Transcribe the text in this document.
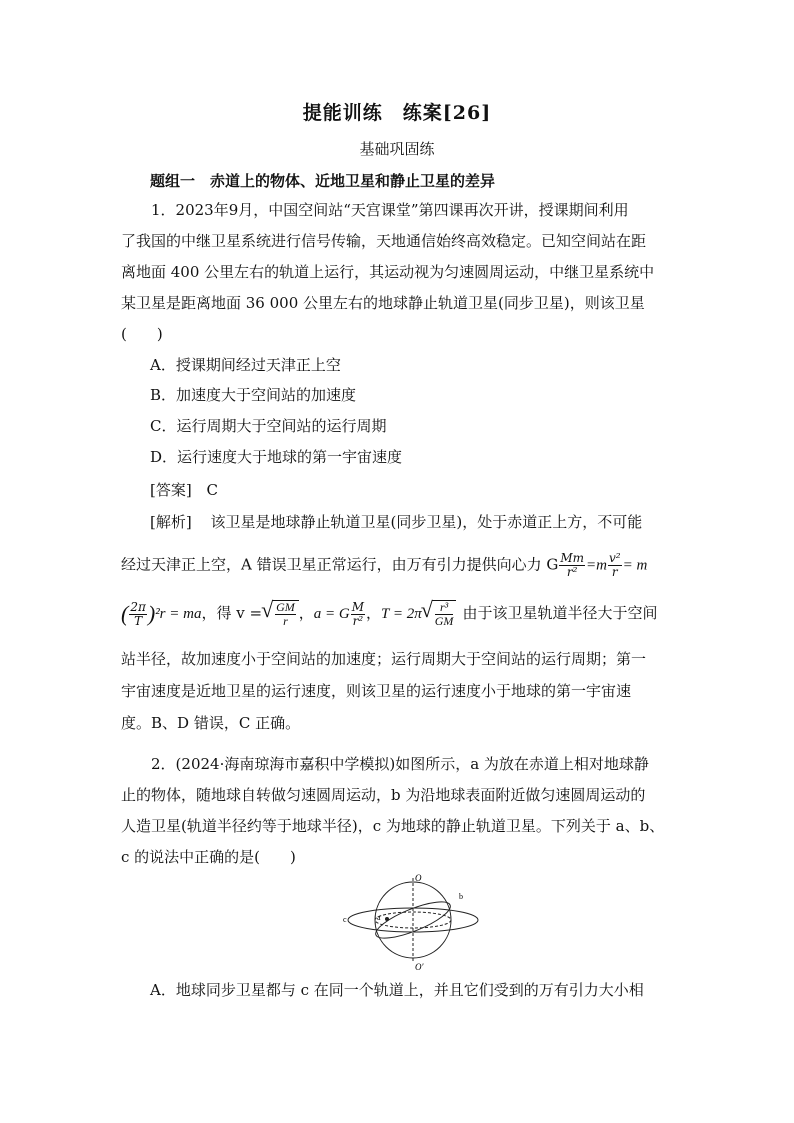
提能训练　练案[26]
基础巩固练
题组一　赤道上的物体、近地卫星和静止卫星的差异
1．2023年9月，中国空间站“天宫课堂”第四课再次开讲，授课期间利用
了我国的中继卫星系统进行信号传输，天地通信始终高效稳定。已知空间站在距
离地面 400 公里左右的轨道上运行，其运动视为匀速圆周运动，中继卫星系统中
某卫星是距离地面 36 000 公里左右的地球静止轨道卫星(同步卫星)，则该卫星
(　　)
A．授课期间经过天津正上空
B．加速度大于空间站的加速度
C．运行周期大于空间站的运行周期
D．运行速度大于地球的第一宇宙速度
[答案] C
[解析] 该卫星是地球静止轨道卫星(同步卫星)，处于赤道正上方，不可能
经过天津正上空，A 错误卫星正常运行，由万有引力提供向心力 G $\frac{Mm}{\text{r²}} =m \frac{\text{v²}}{r} = m$
( $\frac{2\pi}{T} )^2r$ = ma，得 v = √ $\frac{GM}{r}$ ，a = G $\frac{M}{\text{r²}}$ ，T = 2π √ $\frac{\text{r³}}{GM}$ 由于该卫星轨道半径大于空间
站半径，故加速度小于空间站的加速度；运行周期大于空间站的运行周期；第一
宇宙速度是近地卫星的运行速度，则该卫星的运行速度小于地球的第一宇宙速
度。B、D 错误，C 正确。
2．(2024·海南琼海市嘉积中学模拟)如图所示，a 为放在赤道上相对地球静
止的物体，随地球自转做匀速圆周运动，b 为沿地球表面附近做匀速圆周运动的
人造卫星(轨道半径约等于地球半径)，c 为地球的静止轨道卫星。下列关于 a、b、
c 的说法中正确的是(　　)
O
O′
a
b
c
A．地球同步卫星都与 c 在同一个轨道上，并且它们受到的万有引力大小相
